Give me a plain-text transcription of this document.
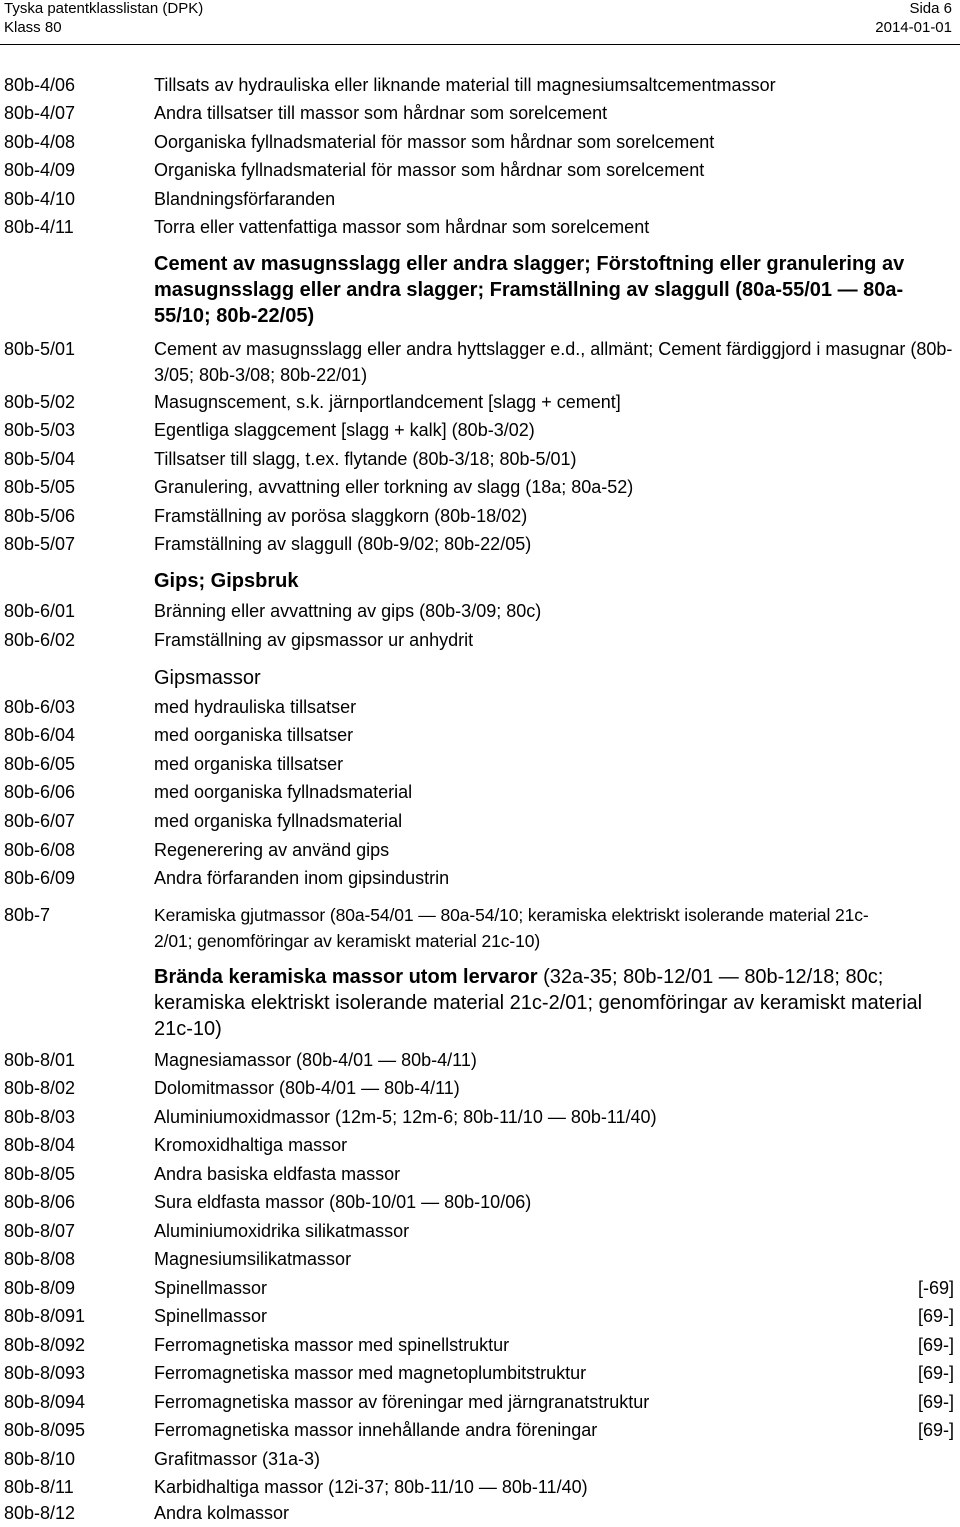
Tyska patentklasslistan (DPK)	Sida 6
Klass 80	2014-01-01
Cement av masugnsslagg eller andra slagger; Förstoftning eller granulering av masugnsslagg eller andra slagger; Framställning av slaggull (80a-55/01 — 80a-55/10; 80b-22/05)
Gips; Gipsbruk
Gipsmassor
Brända keramiska massor utom lervaror (32a-35; 80b-12/01 — 80b-12/18; 80c; keramiska elektriskt isolerande material 21c-2/01; genomföringar av keramiskt material 21c-10)
80b-4/06	Tillsats av hydrauliska eller liknande material till magnesiumsaltcementmassor
80b-4/07	Andra tillsatser till massor som hårdnar som sorelcement
80b-4/08	Oorganiska fyllnadsmaterial för massor som hårdnar som sorelcement
80b-4/09	Organiska fyllnadsmaterial för massor som hårdnar som sorelcement
80b-4/10	Blandningsförfaranden
80b-4/11	Torra eller vattenfattiga massor som hårdnar som sorelcement
80b-5/01	Cement av masugnsslagg eller andra hyttslagger e.d., allmänt; Cement färdiggjord i masugnar (80b-3/05; 80b-3/08; 80b-22/01)
80b-5/02	Masugnscement, s.k. järnportlandcement [slagg + cement]
80b-5/03	Egentliga slaggcement [slagg + kalk] (80b-3/02)
80b-5/04	Tillsatser till slagg, t.ex. flytande (80b-3/18; 80b-5/01)
80b-5/05	Granulering, avvattning eller torkning av slagg (18a; 80a-52)
80b-5/06	Framställning av porösa slaggkorn (80b-18/02)
80b-5/07	Framställning av slaggull (80b-9/02; 80b-22/05)
80b-6/01	Bränning eller avvattning av gips (80b-3/09; 80c)
80b-6/02	Framställning av gipsmassor ur anhydrit
80b-6/03	med hydrauliska tillsatser
80b-6/04	med oorganiska tillsatser
80b-6/05	med organiska tillsatser
80b-6/06	med oorganiska fyllnadsmaterial
80b-6/07	med organiska fyllnadsmaterial
80b-6/08	Regenerering av använd gips
80b-6/09	Andra förfaranden inom gipsindustrin
80b-7	Keramiska gjutmassor (80a-54/01 — 80a-54/10; keramiska elektriskt isolerande material 21c-2/01; genomföringar av keramiskt material 21c-10)
80b-8/01	Magnesiamassor (80b-4/01 — 80b-4/11)
80b-8/02	Dolomitmassor (80b-4/01 — 80b-4/11)
80b-8/03	Aluminiumoxidmassor (12m-5; 12m-6; 80b-11/10 — 80b-11/40)
80b-8/04	Kromoxidhaltiga massor
80b-8/05	Andra basiska eldfasta massor
80b-8/06	Sura eldfasta massor (80b-10/01 — 80b-10/06)
80b-8/07	Aluminiumoxidrika silikatmassor
80b-8/08	Magnesiumsilikatmassor
80b-8/09	Spinellmassor	[-69]
80b-8/091	Spinellmassor	[69-]
80b-8/092	Ferromagnetiska massor med spinellstruktur	[69-]
80b-8/093	Ferromagnetiska massor med magnetoplumbitstruktur	[69-]
80b-8/094	Ferromagnetiska massor av föreningar med järngranatstruktur	[69-]
80b-8/095	Ferromagnetiska massor innehållande andra föreningar	[69-]
80b-8/10	Grafitmassor (31a-3)
80b-8/11	Karbidhaltiga massor (12i-37; 80b-11/10 — 80b-11/40)
80b-8/12	Andra kolmassor
